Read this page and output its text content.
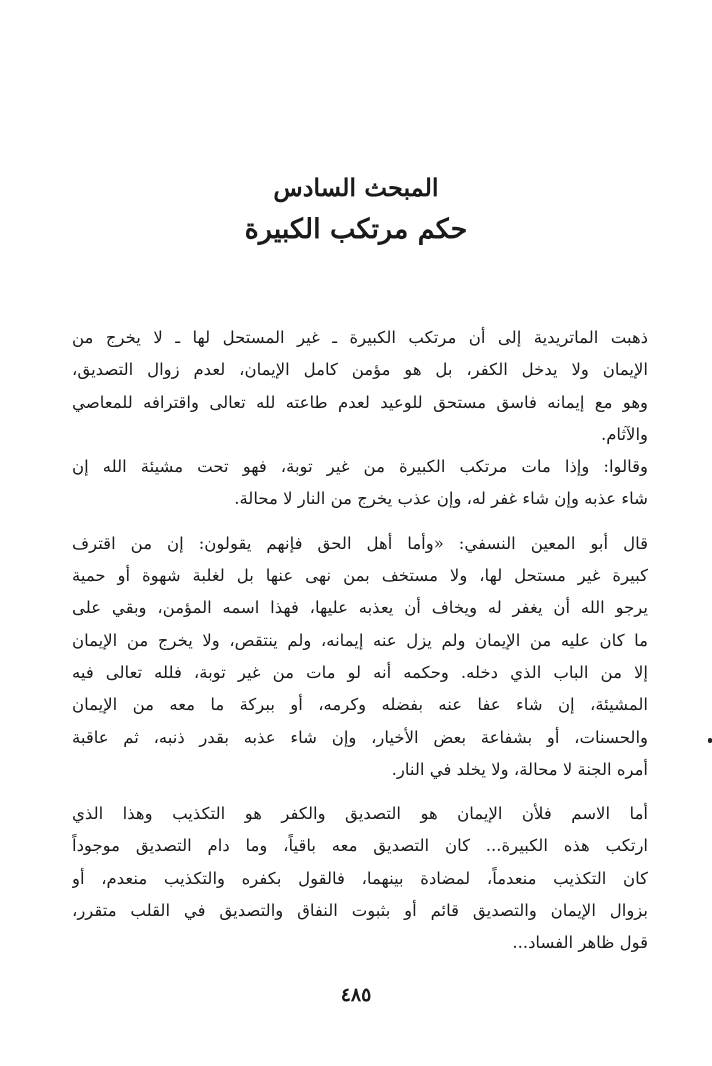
المبحث السادس
حكم مرتكب الكبيرة

ذهبت الماتريدية إلى أن مرتكب الكبيرة ـ غير المستحل لها ـ لا يخرج من
الإيمان ولا يدخل الكفر، بل هو مؤمن كامل الإيمان، لعدم زوال التصديق،
وهو مع إيمانه فاسق مستحق للوعيد لعدم طاعته لله تعالى واقترافه للمعاصي
والآثام.

وقالوا: وإذا مات مرتكب الكبيرة من غير توبة، فهو تحت مشيئة الله إن
شاء عذبه وإن شاء غفر له، وإن عذب يخرج من النار لا محالة.

قال أبو المعين النسفي: «وأما أهل الحق فإنهم يقولون: إن من اقترف
كبيرة غير مستحل لها، ولا مستخف بمن نهى عنها بل لغلبة شهوة أو حمية
يرجو الله أن يغفر له ويخاف أن يعذبه عليها، فهذا اسمه المؤمن، وبقي على
ما كان عليه من الإيمان ولم يزل عنه إيمانه، ولم ينتقص، ولا يخرج من الإيمان
إلا من الباب الذي دخله. وحكمه أنه لو مات من غير توبة، فلله تعالى فيه
المشيئة، إن شاء عفا عنه بفضله وكرمه، أو ببركة ما معه من الإيمان
والحسنات، أو بشفاعة بعض الأخيار، وإن شاء عذبه بقدر ذنبه، ثم عاقبة
أمره الجنة لا محالة، ولا يخلد في النار.

أما الاسم فلأن الإيمان هو التصديق والكفر هو التكذيب وهذا الذي
ارتكب هذه الكبيرة... كان التصديق معه باقياً، وما دام التصديق موجوداً
كان التكذيب منعدماً، لمضادة بينهما، فالقول بكفره والتكذيب منعدم، أو
بزوال الإيمان والتصديق قائم أو بثبوت النفاق والتصديق في القلب متقرر،
قول ظاهر الفساد...

٤٨٥
